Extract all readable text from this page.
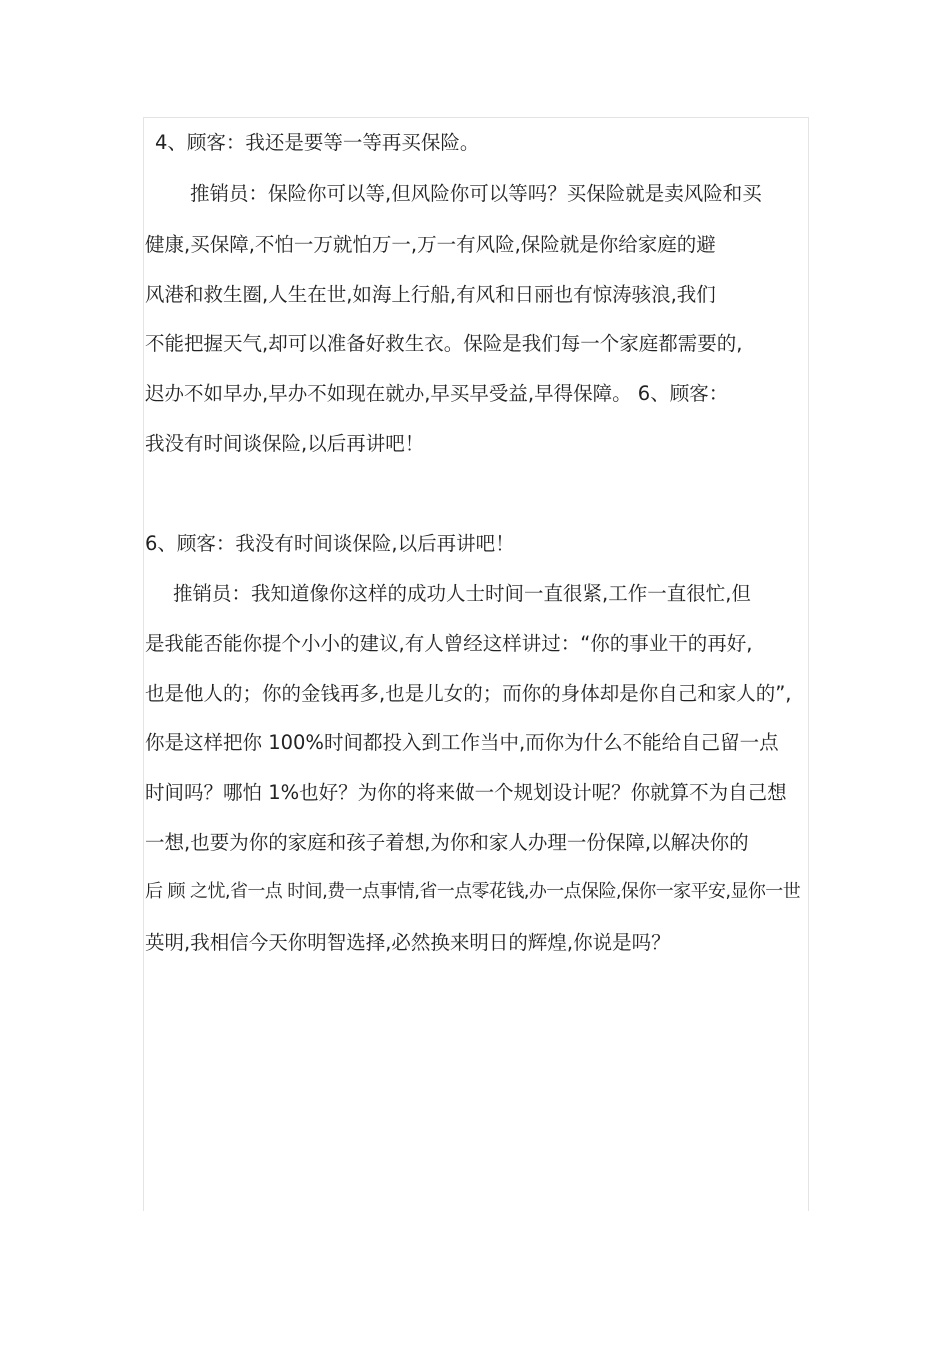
4、顾客：我还是要等一等再买保险。
推销员：保险你可以等,但风险你可以等吗？买保险就是卖风险和买
健康,买保障,不怕一万就怕万一,万一有风险,保险就是你给家庭的避
风港和救生圈,人生在世,如海上行船,有风和日丽也有惊涛骇浪,我们
不能把握天气,却可以准备好救生衣。保险是我们每一个家庭都需要的,
迟办不如早办,早办不如现在就办,早买早受益,早得保障。 6、顾客：
我没有时间谈保险,以后再讲吧！
6、顾客：我没有时间谈保险,以后再讲吧！
推销员：我知道像你这样的成功人士时间一直很紧,工作一直很忙,但
是我能否能你提个小小的建议,有人曾经这样讲过：“你的事业干的再好,
也是他人的；你的金钱再多,也是儿女的；而你的身体却是你自己和家人的”,
你是这样把你 100%时间都投入到工作当中,而你为什么不能给自己留一点
时间吗？哪怕 1%也好？为你的将来做一个规划设计呢？你就算不为自己想
一想,也要为你的家庭和孩子着想,为你和家人办理一份保障,以解决你的
后 顾 之忧,省一点 时间,费一点事情,省一点零花钱,办一点保险,保你一家平安,显你一世
英明,我相信今天你明智选择,必然换来明日的辉煌,你说是吗？
